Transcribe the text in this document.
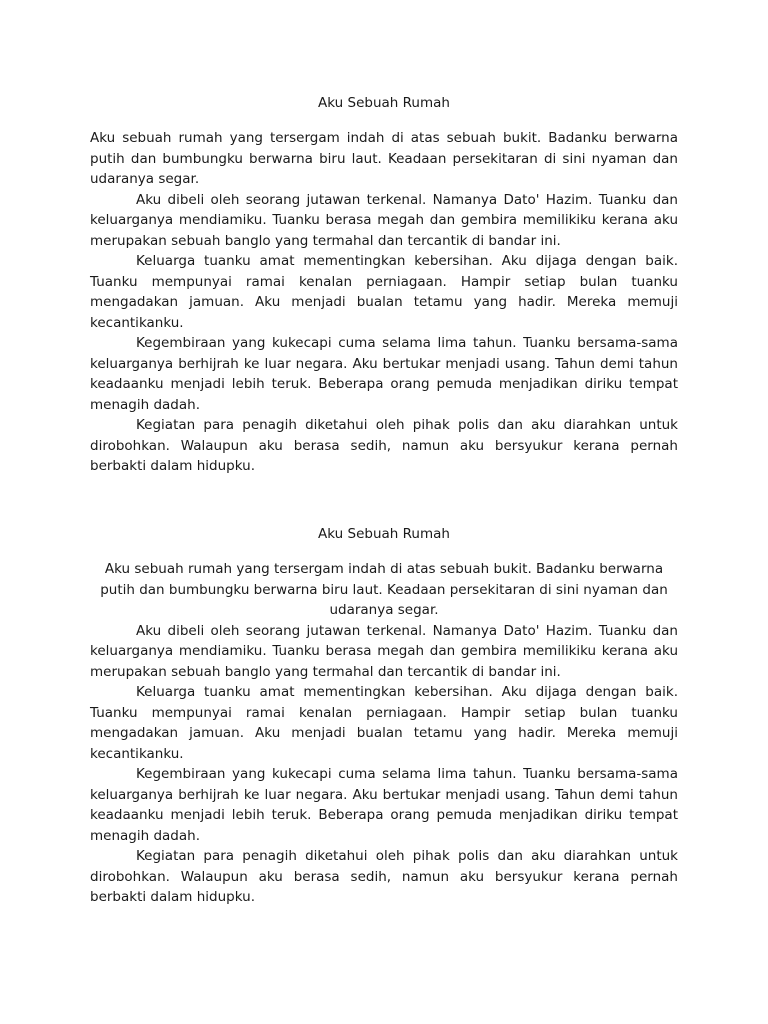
Aku Sebuah Rumah

Aku sebuah rumah yang tersergam indah di atas sebuah bukit. Badanku berwarna putih dan bumbungku berwarna biru laut. Keadaan persekitaran di sini nyaman dan udaranya segar.

Aku dibeli oleh seorang jutawan terkenal. Namanya Dato' Hazim. Tuanku dan keluarganya mendiamiku. Tuanku berasa megah dan gembira memilikiku kerana aku merupakan sebuah banglo yang termahal dan tercantik di bandar ini.

Keluarga tuanku amat mementingkan kebersihan. Aku dijaga dengan baik. Tuanku mempunyai ramai kenalan perniagaan. Hampir setiap bulan tuanku mengadakan jamuan. Aku menjadi bualan tetamu yang hadir. Mereka memuji kecantikanku.

Kegembiraan yang kukecapi cuma selama lima tahun. Tuanku bersama-sama keluarganya berhijrah ke luar negara. Aku bertukar menjadi usang. Tahun demi tahun keadaanku menjadi lebih teruk. Beberapa orang pemuda menjadikan diriku tempat menagih dadah.

Kegiatan para penagih diketahui oleh pihak polis dan aku diarahkan untuk dirobohkan. Walaupun aku berasa sedih, namun aku bersyukur kerana pernah berbakti dalam hidupku.

Aku Sebuah Rumah

Aku sebuah rumah yang tersergam indah di atas sebuah bukit. Badanku berwarna putih dan bumbungku berwarna biru laut. Keadaan persekitaran di sini nyaman dan udaranya segar.

Aku dibeli oleh seorang jutawan terkenal. Namanya Dato' Hazim. Tuanku dan keluarganya mendiamiku. Tuanku berasa megah dan gembira memilikiku kerana aku merupakan sebuah banglo yang termahal dan tercantik di bandar ini.

Keluarga tuanku amat mementingkan kebersihan. Aku dijaga dengan baik. Tuanku mempunyai ramai kenalan perniagaan. Hampir setiap bulan tuanku mengadakan jamuan. Aku menjadi bualan tetamu yang hadir. Mereka memuji kecantikanku.

Kegembiraan yang kukecapi cuma selama lima tahun. Tuanku bersama-sama keluarganya berhijrah ke luar negara. Aku bertukar menjadi usang. Tahun demi tahun keadaanku menjadi lebih teruk. Beberapa orang pemuda menjadikan diriku tempat menagih dadah.

Kegiatan para penagih diketahui oleh pihak polis dan aku diarahkan untuk dirobohkan. Walaupun aku berasa sedih, namun aku bersyukur kerana pernah berbakti dalam hidupku.
